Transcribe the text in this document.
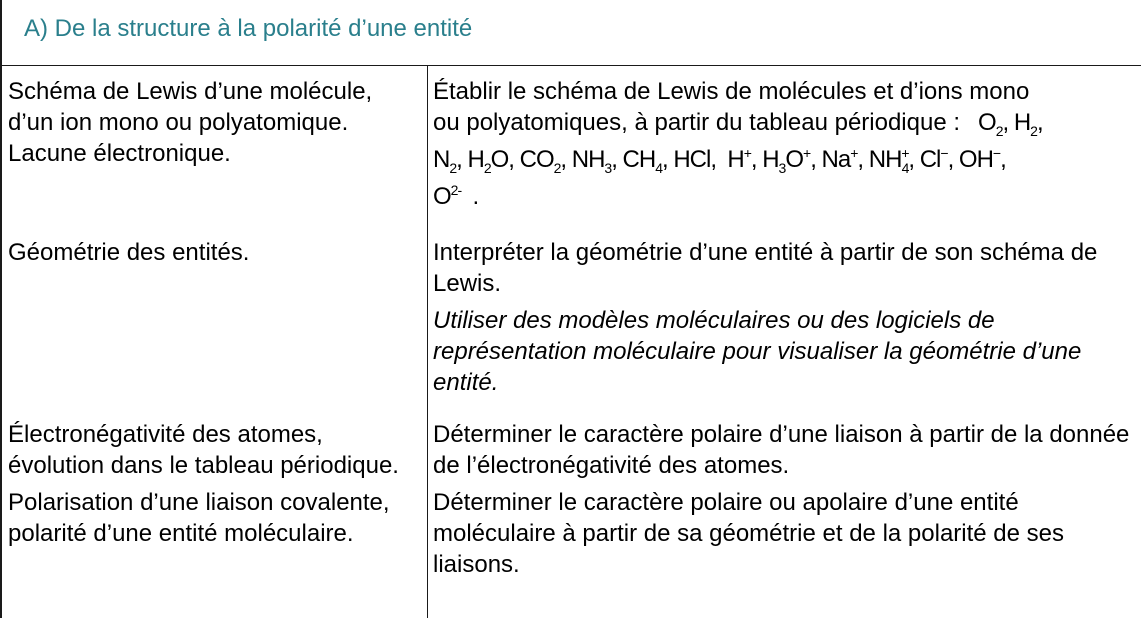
A) De la structure à la polarité d’une entité

Schéma de Lewis d’une molécule, d’un ion mono ou polyatomique.

Lacune électronique.

Établir le schéma de Lewis de molécules et d’ions mono

ou polyatomiques, à partir du tableau périodique :   $O_2$, $H_2$,

$N_2$, $H_2O$, $CO_2$, $NH_3$, $CH_4$, HCl,  H+, $H_3O^+$, Na+, $NH^+_4$, Cl−, OH−,

$O^{2-}$  .

Géométrie des entités.	Interpréter la géométrie d’une entité à partir de son schéma de Lewis.

Utiliser des modèles moléculaires ou des logiciels de représentation moléculaire pour visualiser la géométrie d’une entité.

Électronégativité des atomes, évolution dans le tableau périodique.

Polarisation d’une liaison covalente, polarité d’une entité moléculaire.

Déterminer le caractère polaire d’une liaison à partir de la donnée de l’électronégativité des atomes.

Déterminer le caractère polaire ou apolaire d’une entité moléculaire à partir de sa géométrie et de la polarité de ses liaisons.
